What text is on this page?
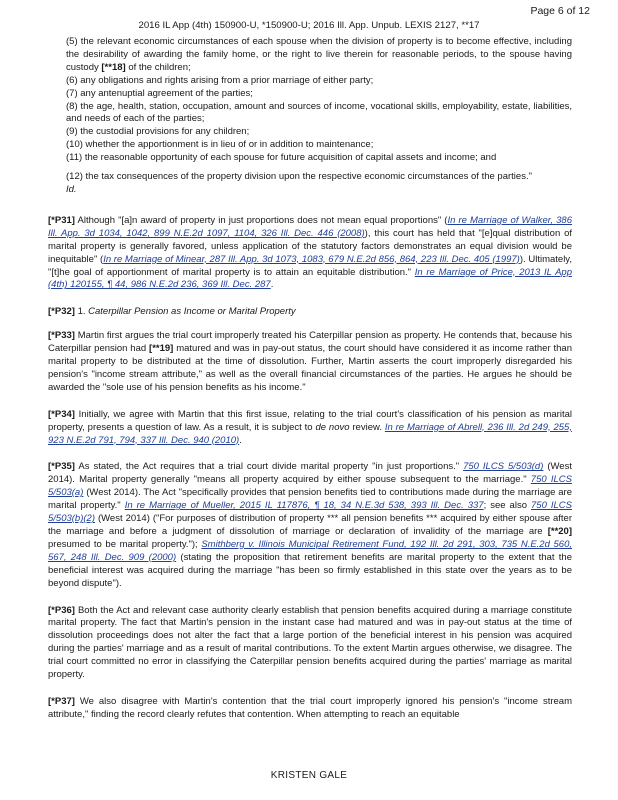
Page 6 of 12
2016 IL App (4th) 150900-U, *150900-U; 2016 Ill. App. Unpub. LEXIS 2127, **17

(5) the relevant economic circumstances of each spouse when the division of property is to become effective, including the desirability of awarding the family home, or the right to live therein for reasonable periods, to the spouse having custody [**18] of the children;

(6) any obligations and rights arising from a prior marriage of either party;

(7) any antenuptial agreement of the parties;

(8) the age, health, station, occupation, amount and sources of income, vocational skills, employability, estate, liabilities, and needs of each of the parties;

(9) the custodial provisions for any children;

(10) whether the apportionment is in lieu of or in addition to maintenance;

(11) the reasonable opportunity of each spouse for future acquisition of capital assets and income; and

(12) the tax consequences of the property division upon the respective economic circumstances of the parties."

Id.

[*P31] Although "[a]n award of property in just proportions does not mean equal proportions" (In re Marriage of Walker, 386 Ill. App. 3d 1034, 1042, 899 N.E.2d 1097, 1104, 326 Ill. Dec. 446 (2008)), this court has held that "[e]qual distribution of marital property is generally favored, unless application of the statutory factors demonstrates an equal division would be inequitable" (In re Marriage of Minear, 287 Ill. App. 3d 1073, 1083, 679 N.E.2d 856, 864, 223 Ill. Dec. 405 (1997)). Ultimately, "[t]he goal of apportionment of marital property is to attain an equitable distribution." In re Marriage of Price, 2013 IL App (4th) 120155, ¶ 44, 986 N.E.2d 236, 369 Ill. Dec. 287.

[*P32] 1. Caterpillar Pension as Income or Marital Property

[*P33] Martin first argues the trial court improperly treated his Caterpillar pension as property. He contends that, because his Caterpillar pension had [**19] matured and was in pay-out status, the court should have considered it as income rather than marital property to be distributed at the time of dissolution. Further, Martin asserts the court improperly disregarded his pension's "income stream attribute," as well as the overall financial circumstances of the parties. He argues he should be awarded the "sole use of his pension benefits as his income."

[*P34] Initially, we agree with Martin that this first issue, relating to the trial court's classification of his pension as marital property, presents a question of law. As a result, it is subject to de novo review. In re Marriage of Abrell, 236 Ill. 2d 249, 255, 923 N.E.2d 791, 794, 337 Ill. Dec. 940 (2010).

[*P35] As stated, the Act requires that a trial court divide marital property "in just proportions." 750 ILCS 5/503(d) (West 2014). Marital property generally "means all property acquired by either spouse subsequent to the marriage." 750 ILCS 5/503(a) (West 2014). The Act "specifically provides that pension benefits tied to contributions made during the marriage are marital property." In re Marriage of Mueller, 2015 IL 117876, ¶ 18, 34 N.E.3d 538, 393 Ill. Dec. 337; see also 750 ILCS 5/503(b)(2) (West 2014) ("For purposes of distribution of property *** all pension benefits *** acquired by either spouse after the marriage and before a judgment of dissolution of marriage or declaration of invalidity of the marriage are [**20] presumed to be marital property."); Smithberg v. Illinois Municipal Retirement Fund, 192 Ill. 2d 291, 303, 735 N.E.2d 560, 567, 248 Ill. Dec. 909 (2000) (stating the proposition that retirement benefits are marital property to the extent that the beneficial interest was acquired during the marriage "has been so firmly established in this state over the years as to be beyond dispute").

[*P36] Both the Act and relevant case authority clearly establish that pension benefits acquired during a marriage constitute marital property. The fact that Martin's pension in the instant case had matured and was in pay-out status at the time of dissolution proceedings does not alter the fact that a large portion of the beneficial interest in his pension was acquired during the parties' marriage and as a result of marital contributions. To the extent Martin argues otherwise, we disagree. The trial court committed no error in classifying the Caterpillar pension benefits acquired during the parties' marriage as marital property.

[*P37] We also disagree with Martin's contention that the trial court improperly ignored his pension's "income stream attribute," finding the record clearly refutes that contention. When attempting to reach an equitable

KRISTEN GALE
